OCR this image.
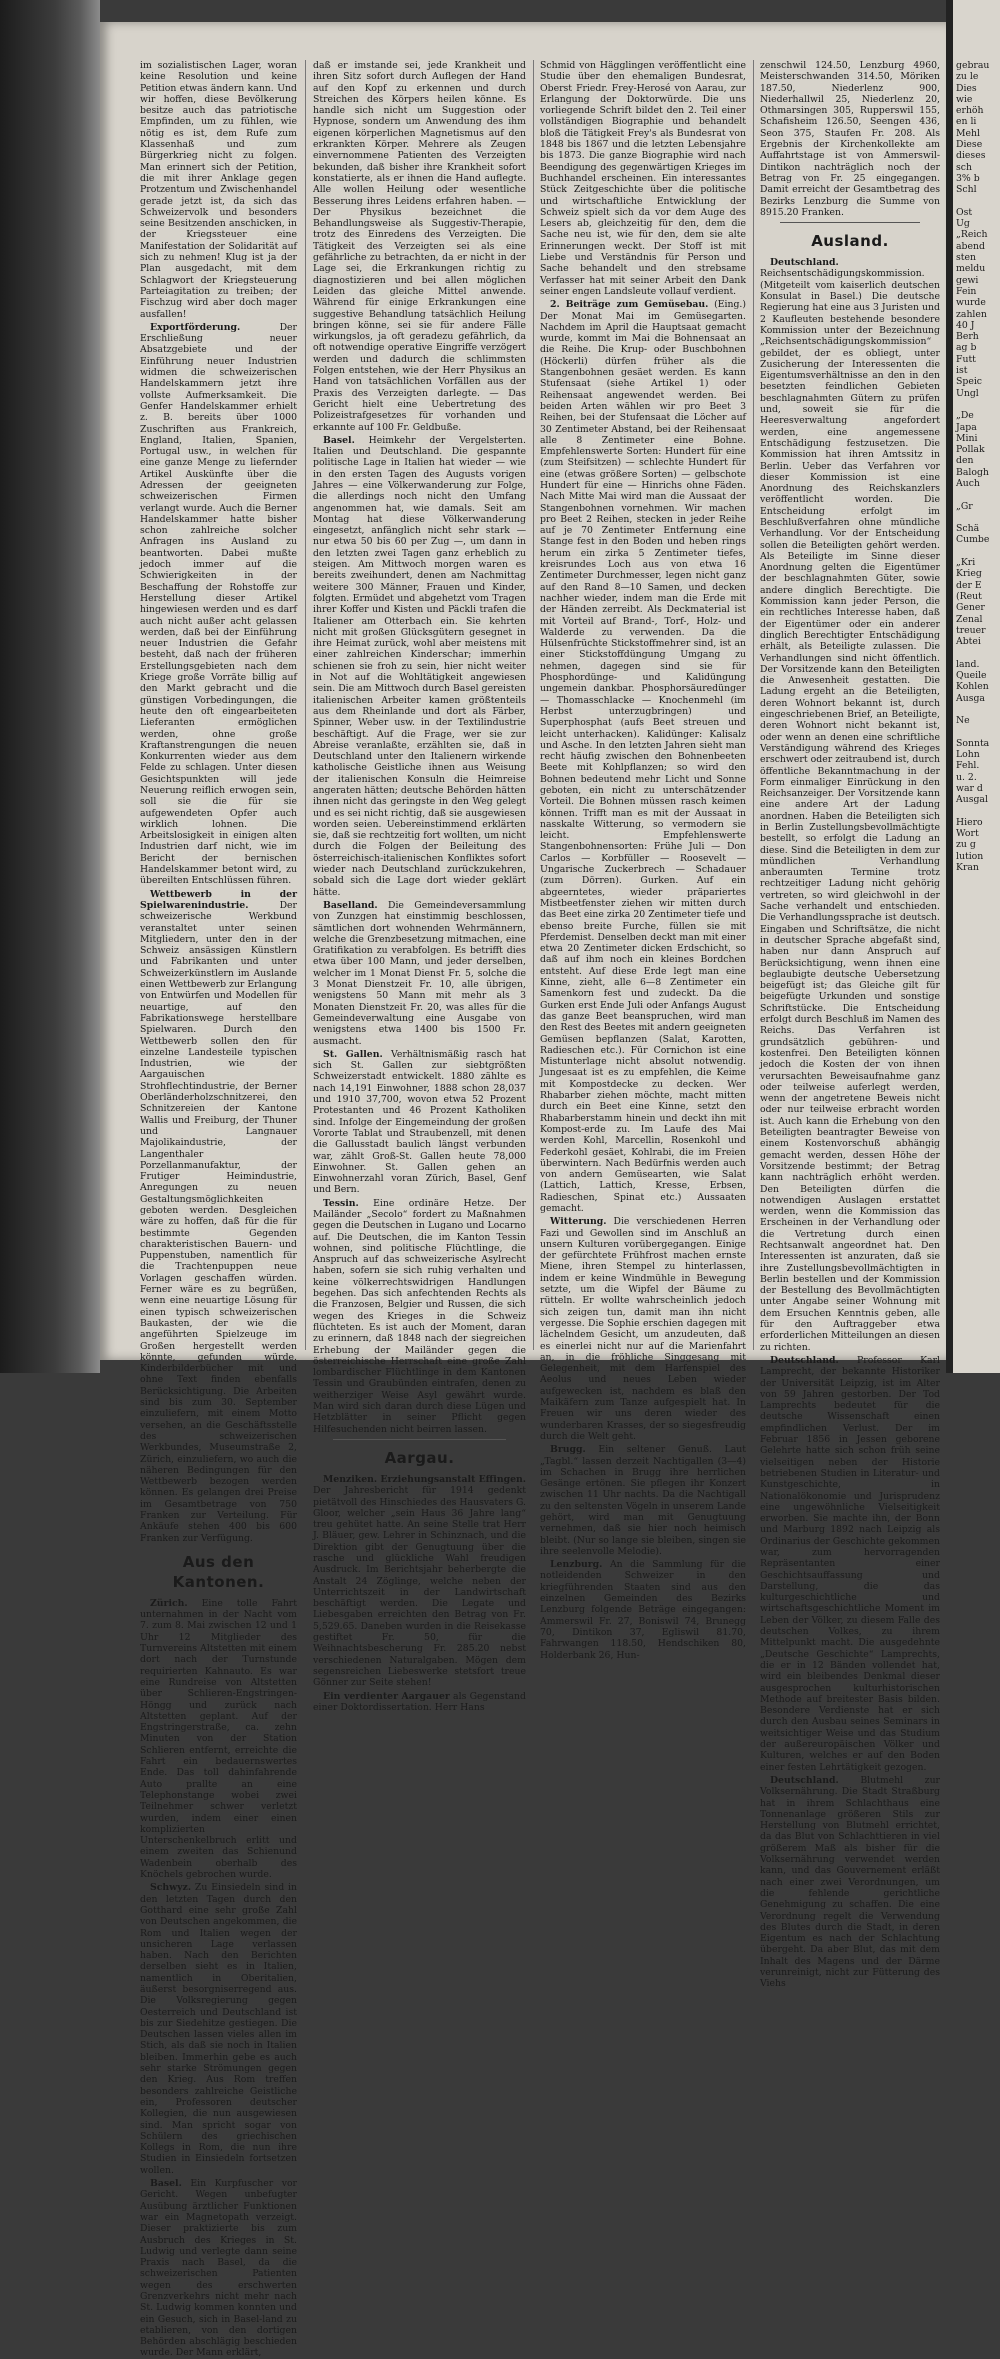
gebrau
zu le
Dies
wie
erhöh
en li
Mehl
Diese
dieses
sch
3% b
Schl
Ost
Ug
„Reich
abend
sten
meldu
gewi
Fein
wurde
zahlen
40 J
Berh
ag b
Futt
ist
Speic
Ungl
„De
Japa
Mini
Pollak
den
Balogh
Auch
„Gr
Schä
Cumbe
„Kri
Krieg
der E
(Reut
Gener
Zenal
treuer
Abtei
land.
Queile
Kohlen
Ausga
Ne
Sonnta
Lohn
Fehl.
u. 2.
war d
Ausgal
Hiero
Wort
zu g
lution
Kran

im sozialistischen Lager, woran keine Resolution und keine Petition etwas ändern kann. Und wir hoffen, diese Bevölkerung besitze auch das patriotische Empfinden, um zu fühlen, wie nötig es ist, dem Rufe zum Klassenhaß und zum Bürgerkrieg nicht zu folgen. Man erinnert sich der Petition, die mit ihrer Anklage gegen Protzentum und Zwischenhandel gerade jetzt ist, da sich das Schweizervolk und besonders seine Besitzenden anschicken, in der Kriegssteuer eine Manifestation der Solidarität auf sich zu nehmen! Klug ist ja der Plan ausgedacht, mit dem Schlagwort der Kriegsteuerung Parteiagitation zu treiben; der Fischzug wird aber doch mager ausfallen!

Exportförderung.	Der Erschließung neuer Absatzgebiete und der Einführung neuer Industrien widmen die schweizerischen Handelskammern jetzt ihre vollste Aufmerksamkeit. Die Genfer Handelskammer erhielt z. B. bereits über 1000 Zuschriften aus Frankreich, England, Italien, Spanien, Portugal usw., in welchen für eine ganze Menge zu liefernder Artikel Auskünfte über die Adressen der geeigneten schweizerischen Firmen verlangt wurde. Auch die Berner Handelskammer hatte bisher schon zahlreiche solcher Anfragen ins Ausland zu beantworten. Dabei mußte jedoch immer auf die Schwierigkeiten in der Beschaffung der Rohstoffe zur Herstellung dieser Artikel hingewiesen werden und es darf auch nicht außer acht gelassen werden, daß bei der Einführung neuer Industrien die Gefahr besteht, daß nach der früheren Erstellungsgebieten nach dem Kriege große Vorräte billig auf den Markt gebracht und die günstigen Vorbedingungen, die heute den oft eingearbeiteten Lieferanten ermöglichen werden, ohne große Kraftanstrengungen die neuen Konkurrenten wieder aus dem Felde zu schlagen. Unter diesen Gesichtspunkten will jede Neuerung reiflich erwogen sein, soll sie die für sie aufgewendeten Opfer auch wirklich lohnen. Die Arbeitslosigkeit in einigen alten Industrien darf nicht, wie im Bericht der bernischen Handelskammer betont wird, zu übereilten Entschlüssen führen.

Wettbewerb in der Spielwarenindustrie.	Der schweizerische Werkbund veranstaltet unter seinen Mitgliedern, unter den in der Schweiz ansässigen Künstlern und Fabrikanten und unter Schweizerkünstlern im Auslande einen Wettbewerb zur Erlangung von Entwürfen und Modellen für neuartige, auf den Fabrikationswege herstellbare Spielwaren. Durch den Wettbewerb sollen den für einzelne Landesteile typischen Industrien, wie der Aargauischen Strohflechtindustrie, der Berner Oberländerholzschnitzerei, den Schnitzereien der Kantone Wallis und Freiburg, der Thuner und Langnauer Majolikaindustrie, der Langenthaler Porzellanmanufaktur, der Frutiger Heimindustrie, Anregungen zu neuen Gestaltungsmöglichkeiten geboten werden. Desgleichen wäre zu hoffen, daß für die für bestimmte Gegenden charakteristischen Bauern- und Puppenstuben, namentlich für die Trachtenpuppen neue Vorlagen geschaffen würden. Ferner wäre es zu begrüßen, wenn eine neuartige Lösung für einen typisch schweizerischen Baukasten, der wie die angeführten Spielzeuge im Großen hergestellt werden könnte, gefunden würde. Kinderbilderbücher mit und ohne Text finden ebenfalls Berücksichtigung. Die Arbeiten sind bis zum 30. September einzuliefern, mit einem Motto versehen, an die Geschäftsstelle des schweizerischen Werkbundes, Museumstraße 2, Zürich, einzuliefern, wo auch die näheren Bedingungen für den Wettbewerb bezogen werden können. Es gelangen drei Preise im Gesamtbetrage von 750 Franken zur Verteilung. Für Ankäufe stehen 400 bis 600 Franken zur Verfügung.

Aus den Kantonen.

Zürich. Eine tolle Fahrt unternahmen in der Nacht vom 7. zum 8. Mai zwischen 12 und 1 Uhr 12 Mitglieder des Turnvereins Altstetten mit einem dort nach der Turnstunde requirierten Kahnauto. Es war eine Rundreise von Altstetten über Schlieren-Engstringen-Höngg und zurück nach Altstetten geplant. Auf der Engstringerstraße, ca. zehn Minuten von der Station Schlieren entfernt, erreichte die Fahrt ein bedauernswertes Ende. Das toll dahinfahrende Auto prallte an eine Telephonstange wobei zwei Teilnehmer schwer verletzt wurden, indem einer einen komplizierten Unterschenkelbruch erlitt und einem zweiten das Schienund Wadenbein oberhalb des Knöchels gebrochen wurde.

Schwyz. Zu Einsiedeln sind in den letzten Tagen durch den Gotthard eine sehr große Zahl von Deutschen angekommen, die Rom und Italien wegen der unsicheren Lage verlassen haben. Nach den Berichten derselben sieht es in Italien, namentlich in Oberitalien, äußerst besorgniserregend aus. Die Volksregierung gegen Oesterreich und Deutschland ist bis zur Siedehitze gestiegen. Die Deutschen lassen vieles allen im Stich, als daß sie noch in Italien bleiben. Immerhin gebe es auch sehr starke Strömungen gegen den Krieg. Aus Rom treffen besonders zahlreiche Geistliche ein, Professoren deutscher Kollegien, die nun ausgewiesen sind. Man spricht sogar von Schülern des griechischen Kollegs in Rom, die nun ihre Studien in Einsiedeln fortsetzen wollen.

Basel. Ein Kurpfuscher vor Gericht. Wegen unbefugter Ausübung ärztlicher Funktionen war ein Magnetopath verzeigt. Dieser praktizierte bis zum Ausbruch des Krieges in St. Ludwig und verlegte dann seine Praxis nach Basel, da die schweizerischen Patienten wegen des erschwerten Grenzverkehrs nicht mehr nach St. Ludwig kommen konnten und ein Gesuch, sich in Basel-land zu etablieren, von den dortigen Behörden abschlägig beschieden wurde. Der Mann erklärt,

daß er imstande sei, jede Krankheit und ihren Sitz sofort durch Auflegen der Hand auf den Kopf zu erkennen und durch Streichen des Körpers heilen könne. Es handle sich nicht um Suggestion oder Hypnose, sondern um Anwendung des ihm eigenen körperlichen Magnetismus auf den erkrankten Körper. Mehrere als Zeugen einvernommene Patienten des Verzeigten bekunden, daß bisher ihre Krankheit sofort konstatierte, als er ihnen die Hand auflegte. Alle wollen Heilung oder wesentliche Besserung ihres Leidens erfahren haben. — Der Physikus bezeichnet die Behandlungsweise als Suggestiv-Therapie, trotz des Einredens des Verzeigten. Die Tätigkeit des Verzeigten sei als eine gefährliche zu betrachten, da er nicht in der Lage sei, die Erkrankungen richtig zu diagnostizieren und bei allen möglichen Leiden das gleiche Mittel anwende. Während für einige Erkrankungen eine suggestive Behandlung tatsächlich Heilung bringen könne, sei sie für andere Fälle wirkungslos, ja oft geradezu gefährlich, da oft notwendige operative Eingriffe verzögert werden und dadurch die schlimmsten Folgen entstehen, wie der Herr Physikus an Hand von tatsächlichen Vorfällen aus der Praxis des Verzeigten darlegte. — Das Gericht hielt eine Uebertretung des Polizeistrafgesetzes für vorhanden und erkannte auf 100 Fr. Geldbuße.

Basel. Heimkehr der Vergelsterten. Italien und Deutschland. Die gespannte politische Lage in Italien hat wieder — wie in den ersten Tagen des Augusts vorigen Jahres — eine Völkerwanderung zur Folge, die allerdings noch nicht den Umfang angenommen hat, wie damals. Seit am Montag hat diese Völkerwanderung eingesetzt, anfänglich nicht sehr stark — nur etwa 50 bis 60 per Zug —, um dann in den letzten zwei Tagen ganz erheblich zu steigen. Am Mittwoch morgen waren es bereits zweihundert, denen am Nachmittag weitere 300 Männer, Frauen und Kinder, folgten. Ermüdet und abgehetzt vom Tragen ihrer Koffer und Kisten und Päckli trafen die Italiener am Otterbach ein. Sie kehrten nicht mit großen Glücksgütern gesegnet in ihre Heimat zurück, wohl aber meistens mit einer zahlreichen Kinderschar; immerhin schienen sie froh zu sein, hier nicht weiter in Not auf die Wohltätigkeit angewiesen sein. Die am Mittwoch durch Basel gereisten italienischen Arbeiter kamen größtenteils aus dem Rheinlande und dort als Färber, Spinner, Weber usw. in der Textilindustrie beschäftigt. Auf die Frage, wer sie zur Abreise veranlaßte, erzählten sie, daß in Deutschland unter den Italienern wirkende katholische Geistliche ihnen aus Weisung der italienischen Konsuln die Heimreise angeraten hätten; deutsche Behörden hätten ihnen nicht das geringste in den Weg gelegt und es sei nicht richtig, daß sie ausgewiesen worden seien. Uebereinstimmend erklärten sie, daß sie rechtzeitig fort wollten, um nicht durch die Folgen der Beileitung des österreichisch-italienischen Konfliktes sofort wieder nach Deutschland zurückzukehren, sobald sich die Lage dort wieder geklärt hätte.

Baselland. Die Gemeindeversammlung von Zunzgen hat einstimmig beschlossen, sämtlichen dort wohnenden Wehrmännern, welche die Grenzbesetzung mitmachen, eine Gratifikation zu verabfolgen. Es betrifft dies etwa über 100 Mann, und jeder derselben, welcher im 1 Monat Dienst Fr. 5, solche die 3 Monat Dienstzeit Fr. 10, alle übrigen, wenigstens 50 Mann mit mehr als 3 Monaten Dienstzeit Fr. 20, was alles für die Gemeindeverwaltung eine Ausgabe von wenigstens etwa 1400 bis 1500 Fr. ausmacht.

St. Gallen. Verhältnismäßig rasch hat sich St. Gallen zur siebtgrößten Schweizerstadt entwickelt. 1880 zählte es nach 14,191 Einwohner, 1888 schon 28,037 und 1910 37,700, wovon etwa 52 Prozent Protestanten und 46 Prozent Katholiken sind. Infolge der Eingemeindung der großen Vororte Tablat und Straubenzell, mit denen die Gallusstadt baulich längst verbunden war, zählt Groß-St. Gallen heute 78,000 Einwohner. St. Gallen gehen an Einwohnerzahl voran Zürich, Basel, Genf und Bern.

Tessin. Eine ordinäre Hetze. Der Mailänder „Secolo“ fordert zu Maßnahmen gegen die Deutschen in Lugano und Locarno auf. Die Deutschen, die im Kanton Tessin wohnen, sind politische Flüchtlinge, die Anspruch auf das schweizerische Asylrecht haben, sofern sie sich ruhig verhalten und keine völkerrechtswidrigen Handlungen begehen. Das sich anfechtenden Rechts als die Franzosen, Belgier und Russen, die sich wegen des Krieges in die Schweiz flüchteten. Es ist auch der Moment, daran zu erinnern, daß 1848 nach der siegreichen Erhebung der Mailänder gegen die österreichische Herrschaft eine große Zahl lombardischer Flüchtlinge in dem Kantonen Tessin und Graubünden eintrafen, denen zu weitherziger Weise Asyl gewährt wurde. Man wird sich daran durch diese Lügen und Hetzblätter in seiner Pflicht gegen Hilfesuchenden nicht beirren lassen.

Aargau.

Menziken. Erziehungsanstalt Effingen. Der Jahresbericht für 1914 gedenkt pietätvoll des Hinschiedes des Hausvaters G. Gloor, welcher „sein Haus 36 Jahre lang“ treu gehütet hatte. An seine Stelle trat Herr J. Bläuer, gew. Lehrer in Schinznach, und die Direktion gibt der Genugtuung über die rasche und glückliche Wahl freudigen Ausdruck. Im Berichtsjahr beherbergte die Anstalt 24 Zöglinge, welche neben der Unterrichtszeit in der Landwirtschaft beschäftigt werden. Die Legate und Liebesgaben erreichten den Betrag von Fr. 5,529.65. Daneben wurden in die Reisekasse gestiftet Fr. 50, für die Weihnachtsbescherung Fr. 285.20 nebst verschiedenen Naturalgaben. Mögen dem segensreichen Liebeswerke stetsfort treue Gönner zur Seite stehen!

Ein verdienter Aargauer als Gegenstand einer Doktordissertation. Herr Hans

Schmid von Hägglingen veröffentlicht eine Studie über den ehemaligen Bundesrat, Oberst Friedr. Frey-Herosé von Aarau, zur Erlangung der Doktorwürde. Die uns vorliegende Schrift bildet den 2. Teil einer vollständigen Biographie und behandelt bloß die Tätigkeit Frey's als Bundesrat von 1848 bis 1867 und die letzten Lebensjahre bis 1873. Die ganze Biographie wird nach Beendigung des gegenwärtigen Krieges im Buchhandel erscheinen. Ein interessantes Stück Zeitgeschichte über die politische und wirtschaftliche Entwicklung der Schweiz spielt sich da vor dem Auge des Lesers ab, gleichzeitig für den, dem die Sache neu ist, wie für den, dem sie alte Erinnerungen weckt. Der Stoff ist mit Liebe und Verständnis für Person und Sache behandelt und den strebsame Verfasser hat mit seiner Arbeit den Dank seiner engen Landsleute vollauf verdient.

2. Beiträge zum Gemüsebau. (Eing.) Der Monat Mai im Gemüsegarten. Nachdem im April die Hauptsaat gemacht wurde, kommt im Mai die Bohnensaat an die Reihe. Die Krup- oder Buschbohnen (Höckerli) dürfen früher als die Stangenbohnen gesäet werden. Es kann Stufensaat (siehe Artikel 1) oder Reihensaat angewendet werden. Bei beiden Arten wählen wir pro Beet 3 Reihen, bei der Stufensaat die Löcher auf 30 Zentimeter Abstand, bei der Reihensaat alle 8 Zentimeter eine Bohne. Empfehlenswerte Sorten: Hundert für eine (zum Steifsitzen) — schlechte Hundert für eine (etwas größere Sorten) — gelbschote Hundert für eine — Hinrichs ohne Fäden. Nach Mitte Mai wird man die Aussaat der Stangenbohnen vornehmen. Wir machen pro Beet 2 Reihen, stecken in jeder Reihe auf je 70 Zentimeter Entfernung eine Stange fest in den Boden und heben rings herum ein zirka 5 Zentimeter tiefes, kreisrundes Loch aus von etwa 16 Zentimeter Durchmesser, legen nicht ganz auf den Rand 8—10 Samen, und decken nachher wieder, indem man die Erde mit der Händen zerreibt. Als Deckmaterial ist mit Vorteil auf Brand-, Torf-, Holz- und Walderde zu verwenden. Da die Hülsenfrüchte Stickstoffmehrer sind, ist an einer Stickstoffdüngung Umgang zu nehmen, dagegen sind sie für Phosphordünge- und Kalidüngung ungemein dankbar. Phosphorsäuredünger — Thomasschlacke — Knochenmehl (im Herbst unterzugbringen) und Superphosphat (aufs Beet streuen und leicht unterhacken). Kalidünger: Kalisalz und Asche. In den letzten Jahren sieht man recht häufig zwischen den Bohnenbeeten Beete mit Kohlpflanzen; so wird den Bohnen bedeutend mehr Licht und Sonne geboten, ein nicht zu unterschätzender Vorteil. Die Bohnen müssen rasch keimen können. Trifft man es mit der Aussaat in nasskalte Witterung, so vermodern sie leicht. Empfehlenswerte Stangenbohnensorten: Frühe Juli — Don Carlos — Korbfüller — Roosevelt — Ungarische Zuckerbrech — Schadauer (zum Dörren). Gurken. Auf ein abgeerntetes, wieder präpariertes Mistbeetfenster ziehen wir mitten durch das Beet eine zirka 20 Zentimeter tiefe und ebenso breite Furche, füllen sie mit Pferdemist. Denselben deckt man mit einer etwa 20 Zentimeter dicken Erdschicht, so daß auf ihm noch ein kleines Bordchen entsteht. Auf diese Erde legt man eine Kinne, zieht, alle 6—8 Zentimeter ein Samenkorn fest und zudeckt. Da die Gurken erst Ende Juli oder Anfangs August das ganze Beet beanspruchen, wird man den Rest des Beetes mit andern geeigneten Gemüsen bepflanzen (Salat, Karotten, Radieschen etc.). Für Cornichon ist eine Mistunterlage nicht absolut notwendig. Jungesaat ist es zu empfehlen, die Keime mit Kompostdecke zu decken. Wer Rhabarber ziehen möchte, macht mitten durch ein Beet eine Kinne, setzt den Rhabarberstamm hinein und deckt ihn mit Kompost-erde zu. Im Laufe des Mai werden Kohl, Marcellin, Rosenkohl und Federkohl gesäet, Kohlrabi, die im Freien überwintern. Nach Bedürfnis werden auch von andern Gemüsearten, wie Salat (Lattich, Lattich, Kresse, Erbsen, Radieschen, Spinat etc.) Aussaaten gemacht.

Witterung. Die verschiedenen Herren Fazi und Gewollen sind im Anschluß an unsern Kulturen vorübergegangen. Einige der gefürchtete Frühfrost machen ernste Miene, ihren Stempel zu hinterlassen, indem er keine Windmühle in Bewegung setzte, um die Wipfel der Bäume zu rütteln. Er wollte wahrscheinlich jedoch sich zeigen tun, damit man ihn nicht vergesse. Die Sophie erschien dagegen mit lächelndem Gesicht, um anzudeuten, daß es einerlei nicht nur auf die Marienfahrt an, in die fröhliche Singgesang mit Gelegenheit, mit dem Harfenspiel des Aeolus und neues Leben wieder aufgewecken ist, nachdem es blaß den Maikäfern zum Tanze aufgespielt hat. In Freuen wir uns deren wieder des wunderbaren Krasses, der so siegesfreudig durch die Welt geht.

Brugg. Ein seltener Genuß. Laut „Tagbl.“ lassen derzeit Nachtigallen (3—4) im Schachen in Brugg ihre herrlichen Gesänge ertönen. Sie pflegen ihr Konzert zwischen 11 Uhr nachts. Da die Nachtigall zu den seltensten Vögeln in unserem Lande gehört, wird man mit Genugtuung vernehmen, daß sie hier noch heimisch bleibt. (Nur so lange sie bleiben, singen sie ihre seelenvolle Melodie).

Lenzburg. An die Sammlung für die notleidenden Schweizer in den kriegführenden Staaten sind aus den einzelnen Gemeinden des Bezirks Lenzburg folgende Beträge eingegangen: Ammerswil Fr. 27, Boniswil 74, Brunegg 70, Dintikon 37, Egliswil 81.70, Fahrwangen 118.50, Hendschiken 80, Holderbank 26, Hun-

zenschwil 124.50, Lenzburg 4960, Meisterschwanden 314.50, Möriken 187.50, Niederlenz 900, Niederhallwil 25, Niederlenz 20, Othmarsingen 305, Rupperswil 155, Schafisheim 126.50, Seengen 436, Seon 375, Staufen Fr. 208. Als Ergebnis der Kirchenkollekte am Auffahrtstage ist von Ammerswil-Dintikon nachträglich noch der Betrag von Fr. 25 eingegangen. Damit erreicht der Gesamtbetrag des Bezirks Lenzburg die Summe von 8915.20 Franken.

Ausland.

Deutschland. Reichsentschädigungskommission. (Mitgeteilt vom kaiserlich deutschen Konsulat in Basel.) Die deutsche Regierung hat eine aus 3 Juristen und 2 Kaufleuten bestehende besondere Kommission unter der Bezeichnung „Reichsentschädigungskommission“ gebildet, der es obliegt, unter Zusicherung der Interessenten die Eigentumsverhältnisse an den in den besetzten feindlichen Gebieten beschlagnahmten Gütern zu prüfen und, soweit sie für die Heeresverwaltung angefordert werden, eine angemessene Entschädigung festzusetzen. Die Kommission hat ihren Amtssitz in Berlin. Ueber das Verfahren vor dieser Kommission ist eine Anordnung des Reichskanzlers veröffentlicht worden. Die Entscheidung erfolgt im Beschlußverfahren ohne mündliche Verhandlung. Vor der Entscheidung sollen die Beteiligten gehört werden. Als Beteiligte im Sinne dieser Anordnung gelten die Eigentümer der beschlagnahmten Güter, sowie andere dinglich Berechtigte. Die Kommission kann jeder Person, die ein rechtliches Interesse haben, daß der Eigentümer oder ein anderer dinglich Berechtigter Entschädigung erhält, als Beteiligte zulassen. Die Verhandlungen sind nicht öffentlich. Der Vorsitzende kann den Beteiligten die Anwesenheit gestatten. Die Ladung ergeht an die Beteiligten, deren Wohnort bekannt ist, durch eingeschriebenen Brief, an Beteiligte, deren Wohnort nicht bekannt ist, oder wenn an denen eine schriftliche Verständigung während des Krieges erschwert oder zeitraubend ist, durch öffentliche Bekanntmachung in der Form einmaliger Einrückung in den Reichsanzeiger. Der Vorsitzende kann eine andere Art der Ladung anordnen. Haben die Beteiligten sich in Berlin Zustellungsbevollmächtigte bestellt, so erfolgt die Ladung an diese. Sind die Beteiligten in dem zur mündlichen Verhandlung anberaumten Termine trotz rechtzeitiger Ladung nicht gehörig vertreten, so wird gleichwohl in der Sache verhandelt und entschieden. Die Verhandlungssprache ist deutsch. Eingaben und Schriftsätze, die nicht in deutscher Sprache abgefaßt sind, haben nur dann Anspruch auf Berücksichtigung, wenn ihnen eine beglaubigte deutsche Uebersetzung beigefügt ist; das Gleiche gilt für beigefügte Urkunden und sonstige Schriftstücke. Die Entscheidung erfolgt durch Beschluß im Namen des Reichs. Das Verfahren ist grundsätzlich gebühren- und kostenfrei. Den Beteiligten können jedoch die Kosten der von ihnen verursachten Beweisaufnahme ganz oder teilweise auferlegt werden, wenn der angetretene Beweis nicht oder nur teilweise erbracht worden ist. Auch kann die Erhebung von den Beteiligten beantragter Beweise von einem Kostenvorschuß abhängig gemacht werden, dessen Höhe der Vorsitzende bestimmt; der Betrag kann nachträglich erhöht werden. Den Beteiligten dürfen die notwendigen Auslagen erstattet werden, wenn die Kommission das Erscheinen in der Verhandlung oder die Vertretung durch einen Rechtsanwalt angeordnet hat. Den Interessenten ist anzuraten, daß sie ihre Zustellungsbevollmächtigten in Berlin bestellen und der Kommission der Bestellung des Bevollmächtigten unter Angabe seiner Wohnung mit dem Ersuchen Kenntnis geben, alle für den Auftraggeber etwa erforderlichen Mitteilungen an diesen zu richten.

Deutschland. Professor Karl Lamprecht, der bekannte Historiker der Universität Leipzig, ist im Alter von 59 Jahren gestorben. Der Tod Lamprechts bedeutet für die deutsche Wissenschaft einen empfindlichen Verlust. Der im Februar 1856 in Jessen geborene Gelehrte hatte sich schon früh seine vielseitigen neben der Historie betriebenen Studien in Literatur- und Kunstgeschichte, in Nationalökonomie und Jurisprudenz eine ungewöhnliche Vielseitigkeit erworben. Sie machte ihn, der Bonn und Marburg 1892 nach Leipzig als Ordinarius der Geschichte gekommen war, zum hervorragenden Repräsentanten einer Geschichtsauffassung und Darstellung, die das kulturgeschichtliche und wirtschaftsgeschichtliche Moment im Leben der Völker, zu diesem Falle des deutschen Volkes, zu ihrem Mittelpunkt macht. Die ausgedehnte „Deutsche Geschichte“ Lamprechts, die er in 12 Bänden vollendet hat, wird ein bleibendes Denkmal dieser ausgesprochen kulturhistorischen Methode auf breitester Basis bilden. Besondere Verdienste hat er sich durch den Ausbau seines Seminars in weitsichtiger Weise und das Studium der außereuropäischen Völker und Kulturen, welches er auf den Boden einer festen Lehrtätigkeit gezogen.

Deutschland. Blutmehl zur Volksernährung. Die Stadt Straßburg hat in ihrem Schlachthaus eine Tonnenanlage größeren Stils zur Herstellung von Blutmehl errichtet, da das Blut von Schlachttieren in viel größerem Maß als bisher für die Volksernährung verwendet werden kann, und das Gouvernement erläßt nach einer zwei Verordnungen, um die fehlende gerichtliche Genehmigung zu schaffen. Die eine Verordnung regelt die Verwendung des Blutes durch die Stadt, in deren Eigentum es nach der Schlachtung übergeht. Da aber Blut, das mit dem Inhalt des Magens und der Därme verunreinigt, nicht zur Fütterung des Viehs
